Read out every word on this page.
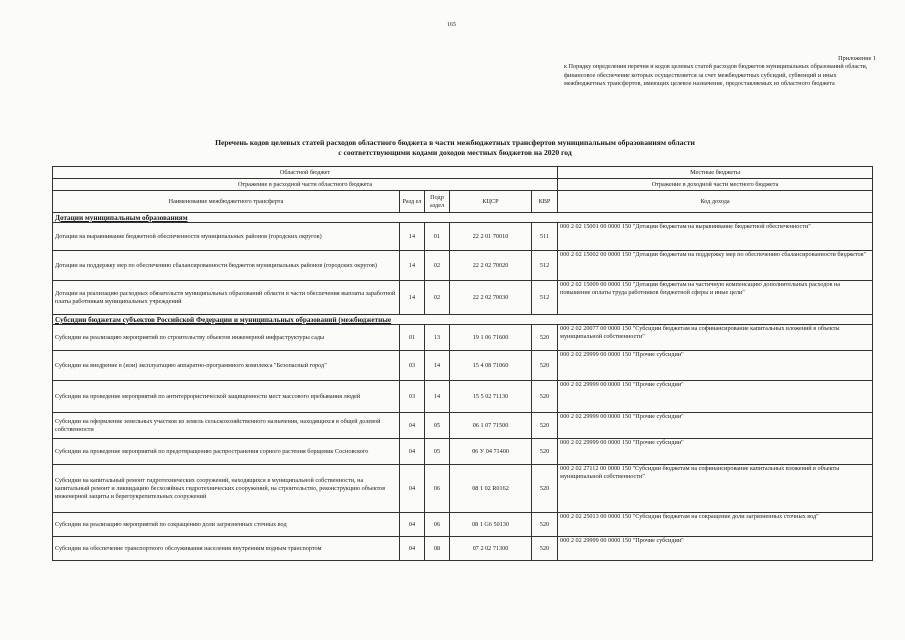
165
Приложение 1
к Порядку определения перечня и кодов целевых статей расходов бюджетов муниципальных образований области, финансовое обеспечение которых осуществляется за счет межбюджетных субсидий, субвенций и иных межбюджетных трансфертов, имеющих целевое назначение, предоставляемых из областного бюджета
Перечень кодов целевых статей расходов областного бюджета в части межбюджетных трансфертов муниципальным образованиям области
с соответствующими кодами доходов местных бюджетов на 2020 год
Областной бюджет					Местные бюджеты
Отражение в расходной части областного бюджета					Отражение в доходной части местного бюджета
Наименование межбюджетного трансферта	Разд ел	Подр аздел	КЦСР	КВР	Код дохода
Дотации муниципальным образованиям					
Дотации на выравнивание бюджетной обеспеченности муниципальных районов (городских округов)	14	01	22 2 01 70010	511	000 2 02 15001 00 0000 150 "Дотации бюджетам на выравнивание бюджетной обеспеченности"
Дотации на поддержку мер по обеспечению сбалансированности бюджетов муниципальных районов (городских округов)	14	02	22 2 02 70020	512	000 2 02 15002 00 0000 150 "Дотации бюджетам на поддержку мер по обеспечению сбалансированности бюджетов"
Дотации на реализацию расходных обязательств муниципальных образований области в части обеспечения выплаты заработной платы работникам муниципальных учреждений	14	02	22 2 02 70030	512	000 2 02 15009 00 0000 150 "Дотации бюджетам на частичную компенсацию дополнительных расходов на повышение оплаты труда работников бюджетной сферы и иные цели"
Субсидии бюджетам субъектов Российской Федерации и муниципальных образований (межбюджетные					
Субсидии на реализацию мероприятий по строительству объектов инженерной инфраструктуры сады	01	13	19 1 06 71600	520	000 2 02 20077 00 0000 150 "Субсидии бюджетам на софинансирование капитальных вложений в объекты муниципальной собственности"
Субсидии на внедрение в (или) эксплуатацию аппаратно-программного комплекса "Безопасный город"	03	14	15 4 08 71060	520	000 2 02 29999 00 0000 150 "Прочие субсидии"
Субсидии на проведение мероприятий по антитеррористической защищенности мест массового пребывания людей	03	14	15 5 02 71130	520	000 2 02 29999 00 0000 150 "Прочие субсидии"
Субсидии на оформление земельных участков из земель сельскохозяйственного назначения, находящихся в общей долевой собственности	04	05	06 1 07 71500	520	000 2 02 29999 00 0000 150 "Прочие субсидии"
Субсидии на проведение мероприятий по предотвращению распространения сорного растения борщевик Сосновского	04	05	06 У 04 71400	520	000 2 02 29999 00 0000 150 "Прочие субсидии"
Субсидии на капитальный ремонт гидротехнических сооружений, находящихся в муниципальной собственности, на капитальный ремонт и ликвидацию бесхозяйных гидротехнических сооружений, на строительство, реконструкцию объектов инженерной защиты и берегоукрепительных сооружений	04	06	08 1 02 R0162	520	000 2 02 27112 00 0000 150 "Субсидии бюджетам на софинансирование капитальных вложений в объекты муниципальной собственности"
Субсидии на реализацию мероприятий по сокращению доли загрязненных сточных вод	04	06	08 1 G6 50130	520	000 2 02 25013 00 0000 150 "Субсидии бюджетам на сокращение доли загрязненных сточных вод"
Субсидии на обеспечение транспортного обслуживания населения внутренним водным транспортом	04	08	07 2 02 71300	520	000 2 02 29999 00 0000 150 "Прочие субсидии"
